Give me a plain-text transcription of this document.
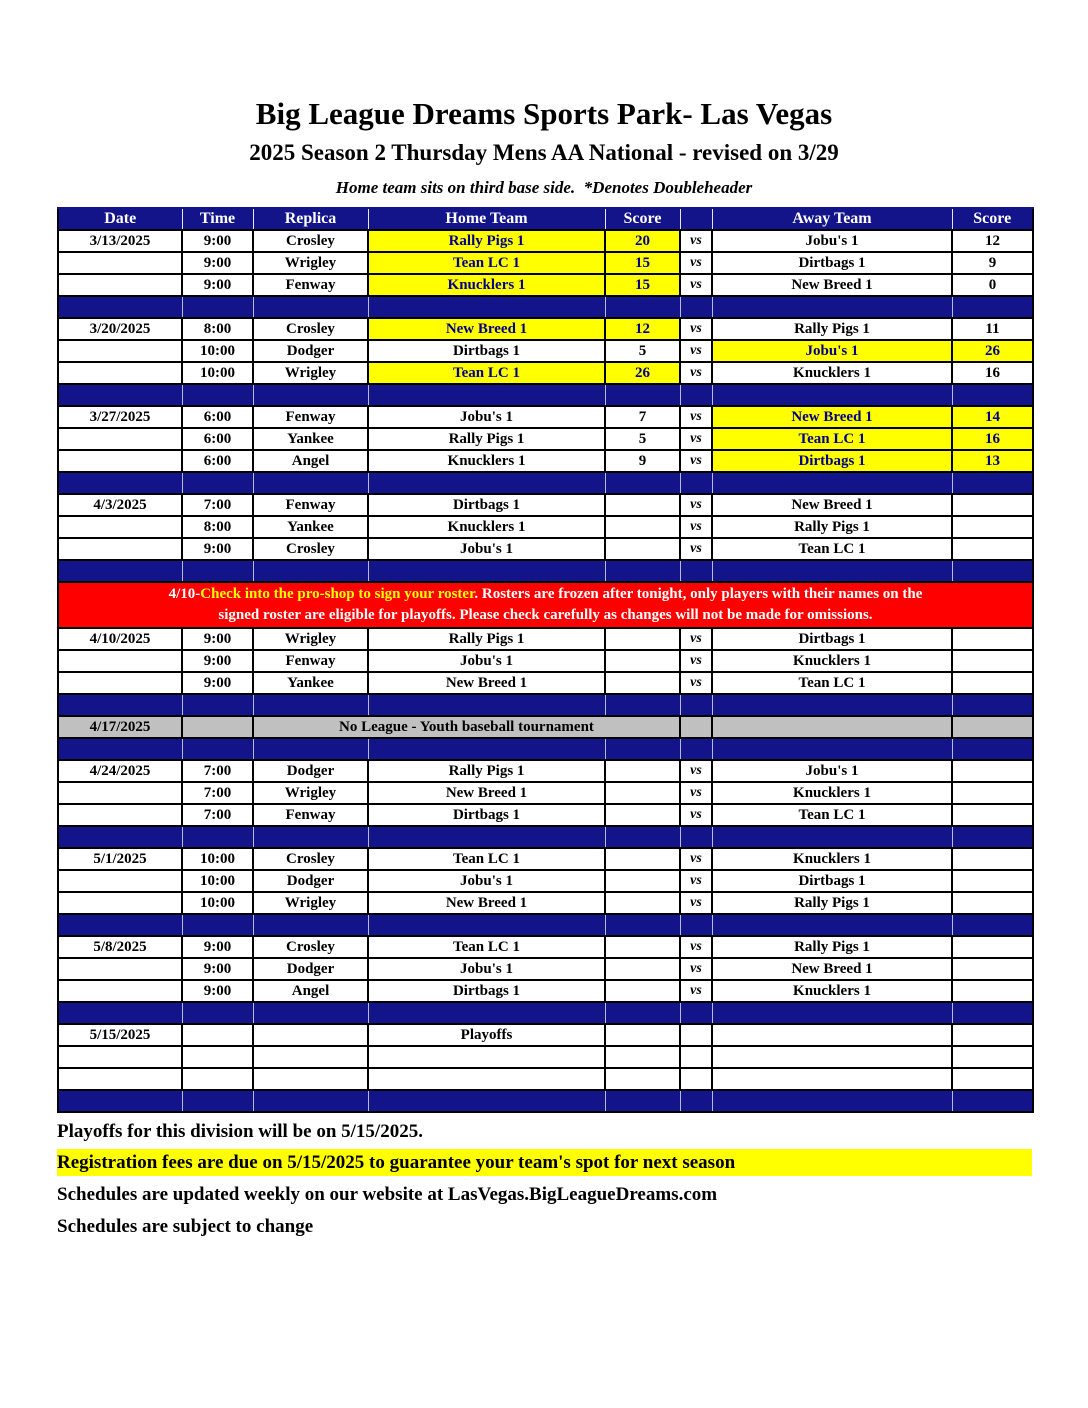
Big League Dreams Sports Park- Las Vegas
2025 Season 2 Thursday Mens AA National - revised on 3/29
Home team sits on third base side.  *Denotes Doubleheader
Date	Time	Replica	Home Team	Score		Away Team	Score
3/13/2025	9:00	Crosley	Rally Pigs 1	20	vs	Jobu's 1	12
	9:00	Wrigley	Tean LC 1	15	vs	Dirtbags 1	9
	9:00	Fenway	Knucklers 1	15	vs	New Breed 1	0

3/20/2025	8:00	Crosley	New Breed 1	12	vs	Rally Pigs 1	11
	10:00	Dodger	Dirtbags 1	5	vs	Jobu's 1	26
	10:00	Wrigley	Tean LC 1	26	vs	Knucklers 1	16

3/27/2025	6:00	Fenway	Jobu's 1	7	vs	New Breed 1	14
	6:00	Yankee	Rally Pigs 1	5	vs	Tean LC 1	16
	6:00	Angel	Knucklers 1	9	vs	Dirtbags 1	13

4/3/2025	7:00	Fenway	Dirtbags 1		vs	New Breed 1	
	8:00	Yankee	Knucklers 1		vs	Rally Pigs 1	
	9:00	Crosley	Jobu's 1		vs	Tean LC 1	

4/10-Check into the pro-shop to sign your roster. Rosters are frozen after tonight, only players with their names on the
signed roster are eligible for playoffs. Please check carefully as changes will not be made for omissions.							

4/10/2025	9:00	Wrigley	Rally Pigs 1		vs	Dirtbags 1	
	9:00	Fenway	Jobu's 1		vs	Knucklers 1	
	9:00	Yankee	New Breed 1		vs	Tean LC 1	

4/17/2025		No League - Youth baseball tournament					

4/24/2025	7:00	Dodger	Rally Pigs 1		vs	Jobu's 1	
	7:00	Wrigley	New Breed 1		vs	Knucklers 1	
	7:00	Fenway	Dirtbags 1		vs	Tean LC 1	

5/1/2025	10:00	Crosley	Tean LC 1		vs	Knucklers 1	
	10:00	Dodger	Jobu's 1		vs	Dirtbags 1	
	10:00	Wrigley	New Breed 1		vs	Rally Pigs 1	

5/8/2025	9:00	Crosley	Tean LC 1		vs	Rally Pigs 1	
	9:00	Dodger	Jobu's 1		vs	New Breed 1	
	9:00	Angel	Dirtbags 1		vs	Knucklers 1	

5/15/2025			Playoffs				

Playoffs for this division will be on 5/15/2025.
Registration fees are due on 5/15/2025 to guarantee your team's spot for next season
Schedules are updated weekly on our website at LasVegas.BigLeagueDreams.com
Schedules are subject to change
